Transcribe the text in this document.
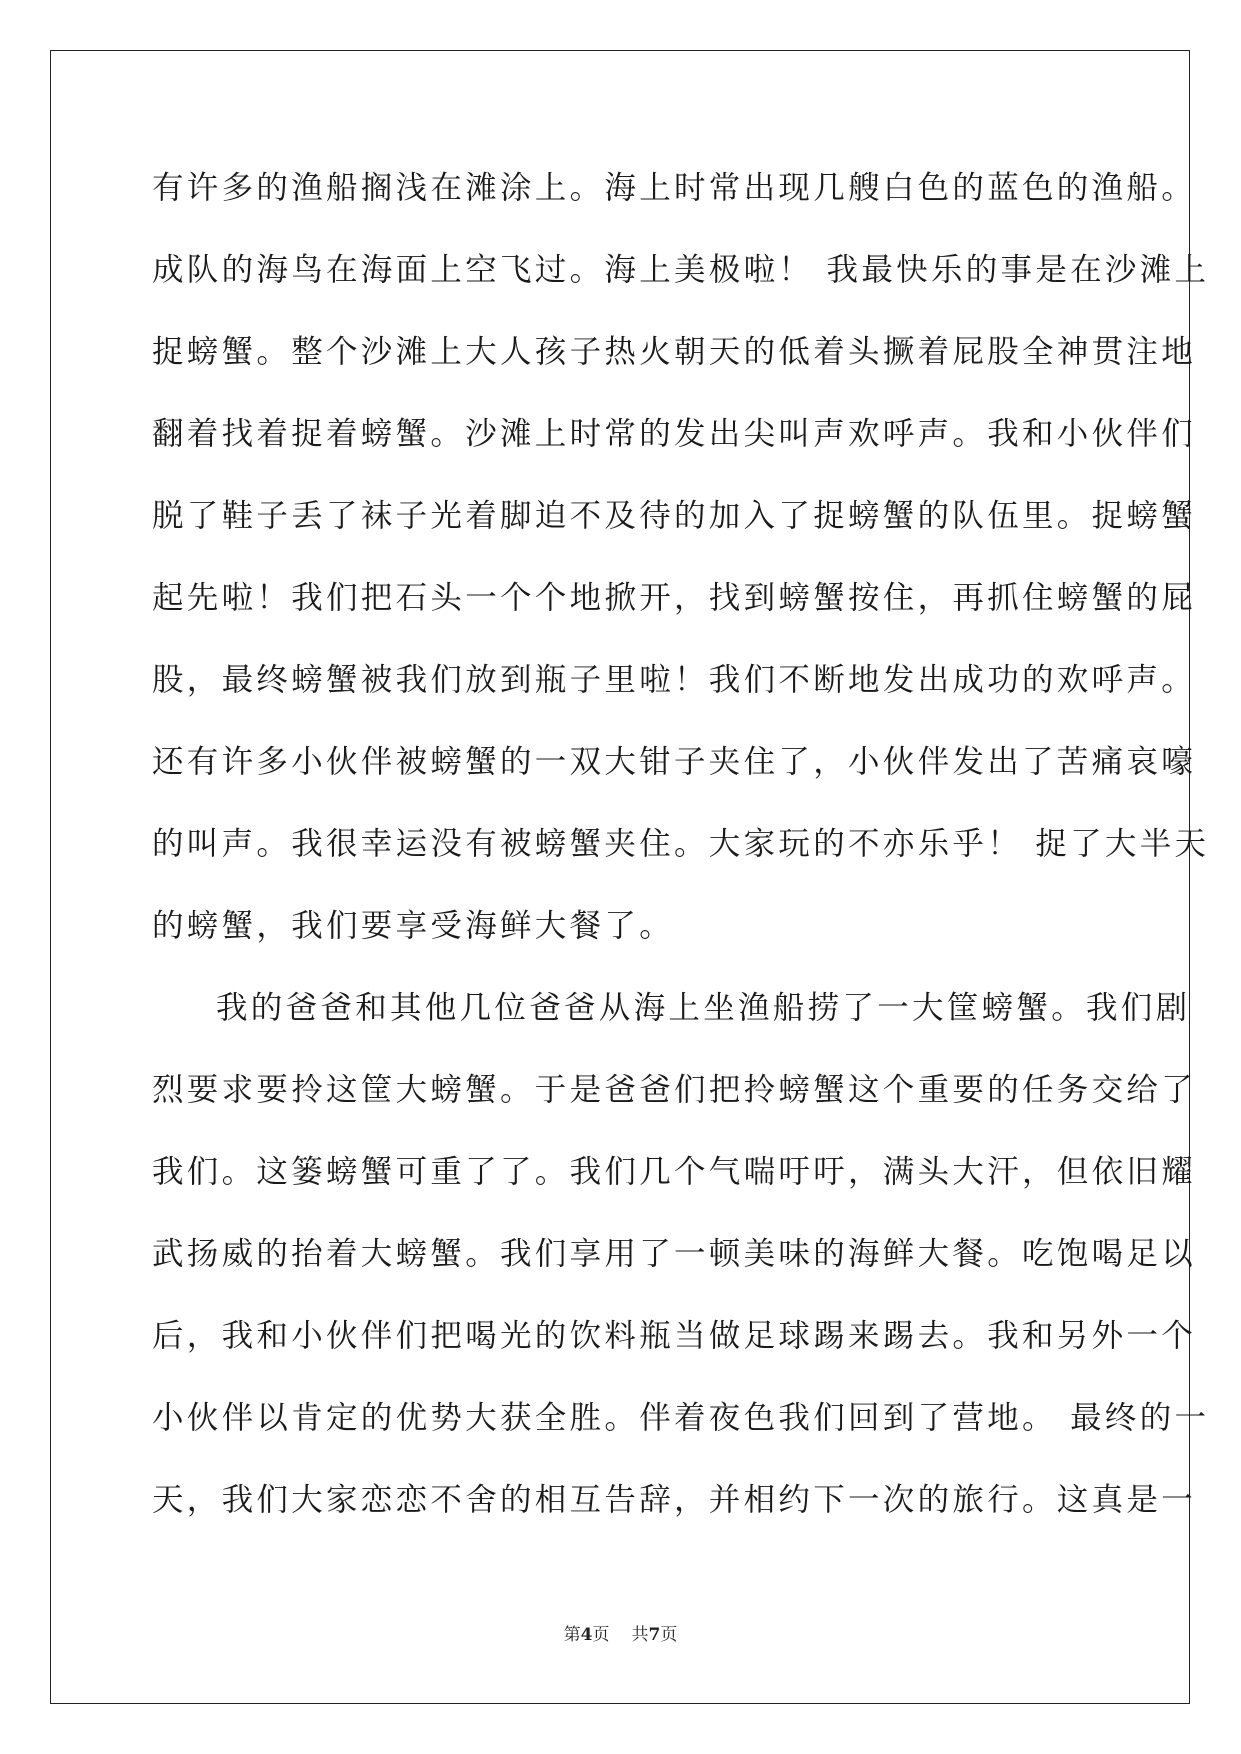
有许多的渔船搁浅在滩涂上。海上时常出现几艘白色的蓝色的渔船。
成队的海鸟在海面上空飞过。海上美极啦！ 我最快乐的事是在沙滩上
捉螃蟹。整个沙滩上大人孩子热火朝天的低着头撅着屁股全神贯注地
翻着找着捉着螃蟹。沙滩上时常的发出尖叫声欢呼声。我和小伙伴们
脱了鞋子丢了袜子光着脚迫不及待的加入了捉螃蟹的队伍里。捉螃蟹
起先啦！我们把石头一个个地掀开，找到螃蟹按住，再抓住螃蟹的屁
股，最终螃蟹被我们放到瓶子里啦！我们不断地发出成功的欢呼声。
还有许多小伙伴被螃蟹的一双大钳子夹住了，小伙伴发出了苦痛哀嚎
的叫声。我很幸运没有被螃蟹夹住。大家玩的不亦乐乎！ 捉了大半天
的螃蟹，我们要享受海鲜大餐了。
我的爸爸和其他几位爸爸从海上坐渔船捞了一大筐螃蟹。我们剧
烈要求要拎这筐大螃蟹。于是爸爸们把拎螃蟹这个重要的任务交给了
我们。这篓螃蟹可重了了。我们几个气喘吁吁，满头大汗，但依旧耀
武扬威的抬着大螃蟹。我们享用了一顿美味的海鲜大餐。吃饱喝足以
后，我和小伙伴们把喝光的饮料瓶当做足球踢来踢去。我和另外一个
小伙伴以肯定的优势大获全胜。伴着夜色我们回到了营地。 最终的一
天，我们大家恋恋不舍的相互告辞，并相约下一次的旅行。这真是一
第4页 共7页
